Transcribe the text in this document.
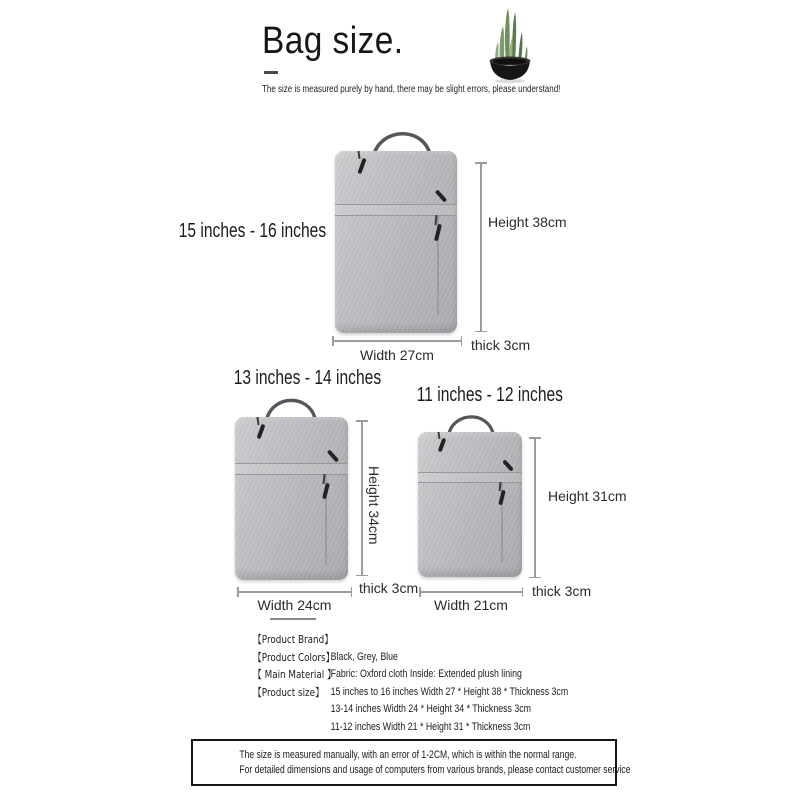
Bag size.
The size is measured purely by hand, there may be slight errors, please understand!
15 inches - 16 inches	Height 38cm
Width 27cm
thick 3cm
13 inches - 14 inches
Height 34cm
Width 24cm
thick 3cm
11 inches - 12 inches
Height 31cm
Width 21cm
thick 3cm
【Product Brand】
【Product Colors】
Black, Grey, Blue
【 Main Material 】
Fabric: Oxford cloth Inside: Extended plush lining
【Product size】 15 inches to 16 inches Width 27 * Height 38 * Thickness 3cm
13-14 inches Width 24 * Height 34 * Thickness 3cm
11-12 inches Width 21 * Height 31 * Thickness 3cm
The size is measured manually, with an error of 1-2CM, which is within the normal range.
For detailed dimensions and usage of computers from various brands, please contact customer service
